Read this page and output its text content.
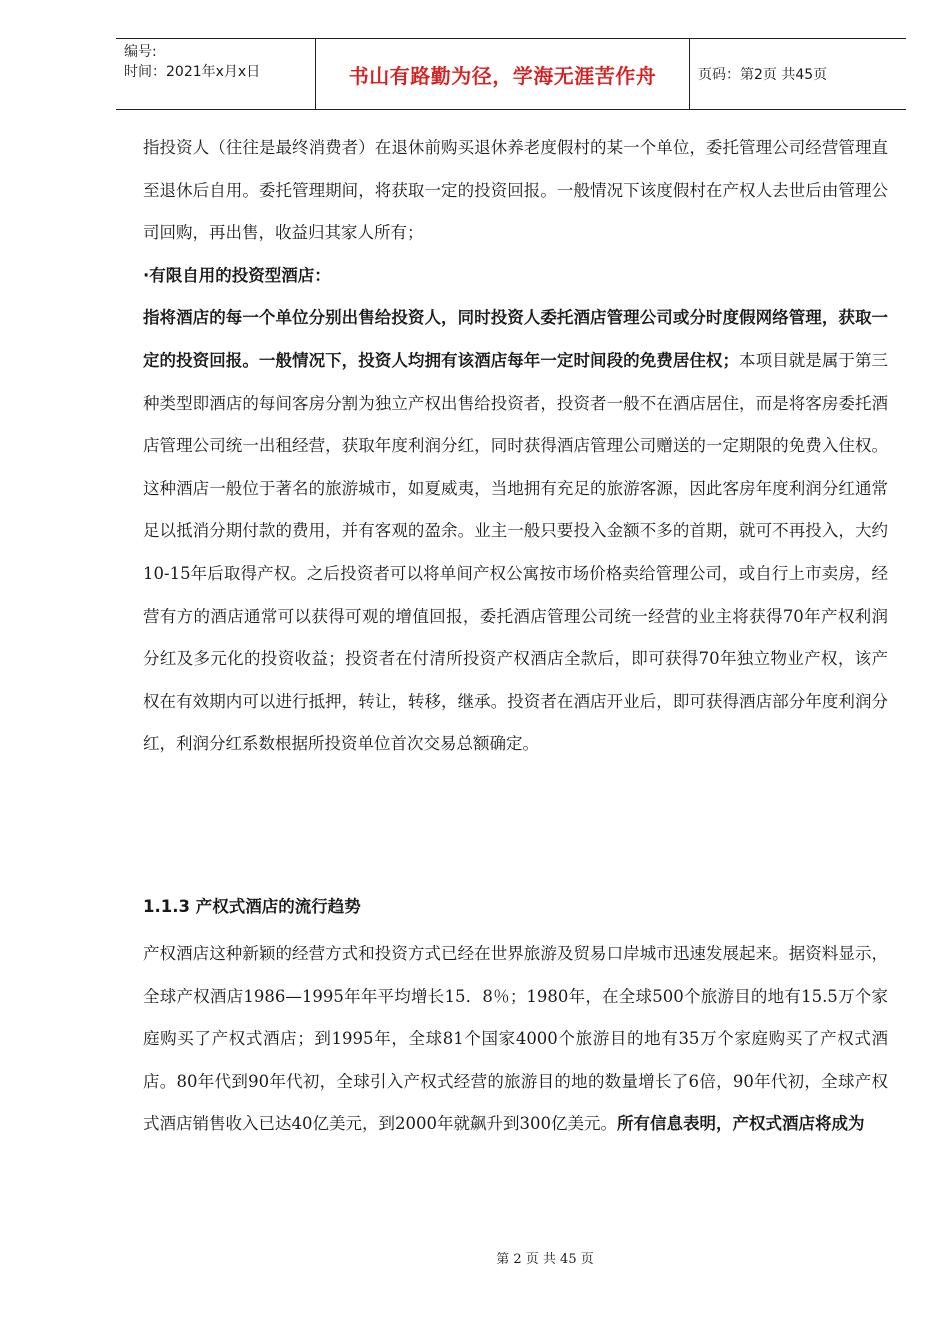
编号:
时间：2021年x月x日	书山有路勤为径，学海无涯苦作舟	页码：第2页 共45页

指投资人（往往是最终消费者）在退休前购买退休养老度假村的某一个单位，委托管理公司经营管理直至退休后自用。委托管理期间，将获取一定的投资回报。一般情况下该度假村在产权人去世后由管理公司回购，再出售，收益归其家人所有；

·有限自用的投资型酒店：

指将酒店的每一个单位分别出售给投资人，同时投资人委托酒店管理公司或分时度假网络管理，获取一定的投资回报。一般情况下，投资人均拥有该酒店每年一定时间段的免费居住权；本项目就是属于第三种类型即酒店的每间客房分割为独立产权出售给投资者，投资者一般不在酒店居住，而是将客房委托酒店管理公司统一出租经营，获取年度利润分红，同时获得酒店管理公司赠送的一定期限的免费入住权。这种酒店一般位于著名的旅游城市，如夏威夷，当地拥有充足的旅游客源，因此客房年度利润分红通常足以抵消分期付款的费用，并有客观的盈余。业主一般只要投入金额不多的首期，就可不再投入，大约10-15年后取得产权。之后投资者可以将单间产权公寓按市场价格卖给管理公司，或自行上市卖房，经营有方的酒店通常可以获得可观的增值回报，委托酒店管理公司统一经营的业主将获得70年产权利润分红及多元化的投资收益；投资者在付清所投资产权酒店全款后，即可获得70年独立物业产权，该产权在有效期内可以进行抵押，转让，转移，继承。投资者在酒店开业后，即可获得酒店部分年度利润分红，利润分红系数根据所投资单位首次交易总额确定。

1.1.3 产权式酒店的流行趋势
产权酒店这种新颖的经营方式和投资方式已经在世界旅游及贸易口岸城市迅速发展起来。据资料显示，全球产权酒店1986—1995年年平均增长15．8％；1980年，在全球500个旅游目的地有15.5万个家庭购买了产权式酒店；到1995年，全球81个国家4000个旅游目的地有35万个家庭购买了产权式酒店。80年代到90年代初，全球引入产权式经营的旅游目的地的数量增长了6倍，90年代初，全球产权式酒店销售收入已达40亿美元，到2000年就飙升到300亿美元。所有信息表明，产权式酒店将成为
第 2 页 共 45 页
